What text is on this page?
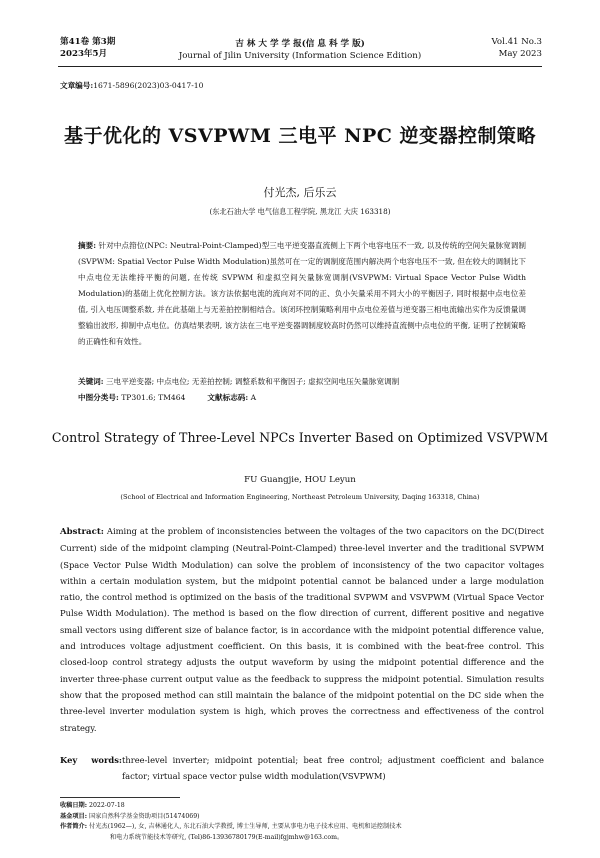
第41卷 第3期
2023年5月
吉 林 大 学 学 报(信 息 科 学 版)
Journal of Jilin University (Information Science Edition)
Vol.41 No.3
May 2023
文章编号:1671-5896(2023)03-0417-10
基于优化的 VSVPWM 三电平 NPC 逆变器控制策略
付光杰, 后乐云
(东北石油大学 电气信息工程学院, 黑龙江 大庆 163318)
摘要: 针对中点箝位(NPC: Neutral-Point-Clamped)型三电平逆变器直流侧上下两个电容电压不一致, 以及传统的空间矢量脉宽调制(SVPWM: Spatial Vector Pulse Width Modulation)虽然可在一定的调制度范围内解决两个电容电压不一致, 但在较大的调制比下中点电位无法维持平衡的问题, 在传统 SVPWM 和虚拟空间矢量脉宽调制(VSVPWM: Virtual Space Vector Pulse Width Modulation)的基础上优化控制方法。该方法依据电流的流向对不同的正、负小矢量采用不同大小的平衡因子, 同时根据中点电位差值, 引入电压调整系数, 并在此基础上与无差拍控制相结合。该闭环控制策略利用中点电位差值与逆变器三相电流输出实作为反馈量调整输出波形, 抑制中点电位。仿真结果表明, 该方法在三电平逆变器调制度较高时仍然可以维持直流侧中点电位的平衡, 证明了控制策略的正确性和有效性。
关键词: 三电平逆变器; 中点电位; 无差拍控制; 调整系数和平衡因子; 虚拟空间电压矢量脉宽调制
中图分类号: TP301.6; TM464	文献标志码: A
Control Strategy of Three-Level NPCs Inverter Based on Optimized VSVPWM
FU Guangjie, HOU Leyun
(School of Electrical and Information Engineering, Northeast Petroleum University, Daqing 163318, China)
Abstract: Aiming at the problem of inconsistencies between the voltages of the two capacitors on the DC(Direct Current) side of the midpoint clamping (Neutral-Point-Clamped) three-level inverter and the traditional SVPWM (Space Vector Pulse Width Modulation) can solve the problem of inconsistency of the two capacitor voltages within a certain modulation system, but the midpoint potential cannot be balanced under a large modulation ratio, the control method is optimized on the basis of the traditional SVPWM and VSVPWM (Virtual Space Vector Pulse Width Modulation). The method is based on the flow direction of current, different positive and negative small vectors using different size of balance factor, is in accordance with the midpoint potential difference value, and introduces voltage adjustment coefficient. On this basis, it is combined with the beat-free control. This closed-loop control strategy adjusts the output waveform by using the midpoint potential difference and the inverter three-phase current output value as the feedback to suppress the midpoint potential. Simulation results show that the proposed method can still maintain the balance of the midpoint potential on the DC side when the three-level inverter modulation system is high, which proves the correctness and effectiveness of the control strategy.
Key words:three-level inverter; midpoint potential; beat free control; adjustment coefficient and balance
factor; virtual space vector pulse width modulation(VSVPWM)
收稿日期: 2022-07-18
基金项目: 国家自然科学基金资助项目(51474069)
作者简介: 付光杰(1962—), 女, 吉林通化人, 东北石油大学教授, 博士生导师, 主要从事电力电子技术应用、电机和运控制技术
和电力系统节能技术等研究, (Tel)86-13936780179(E-mail)fgjmhw@163.com。
